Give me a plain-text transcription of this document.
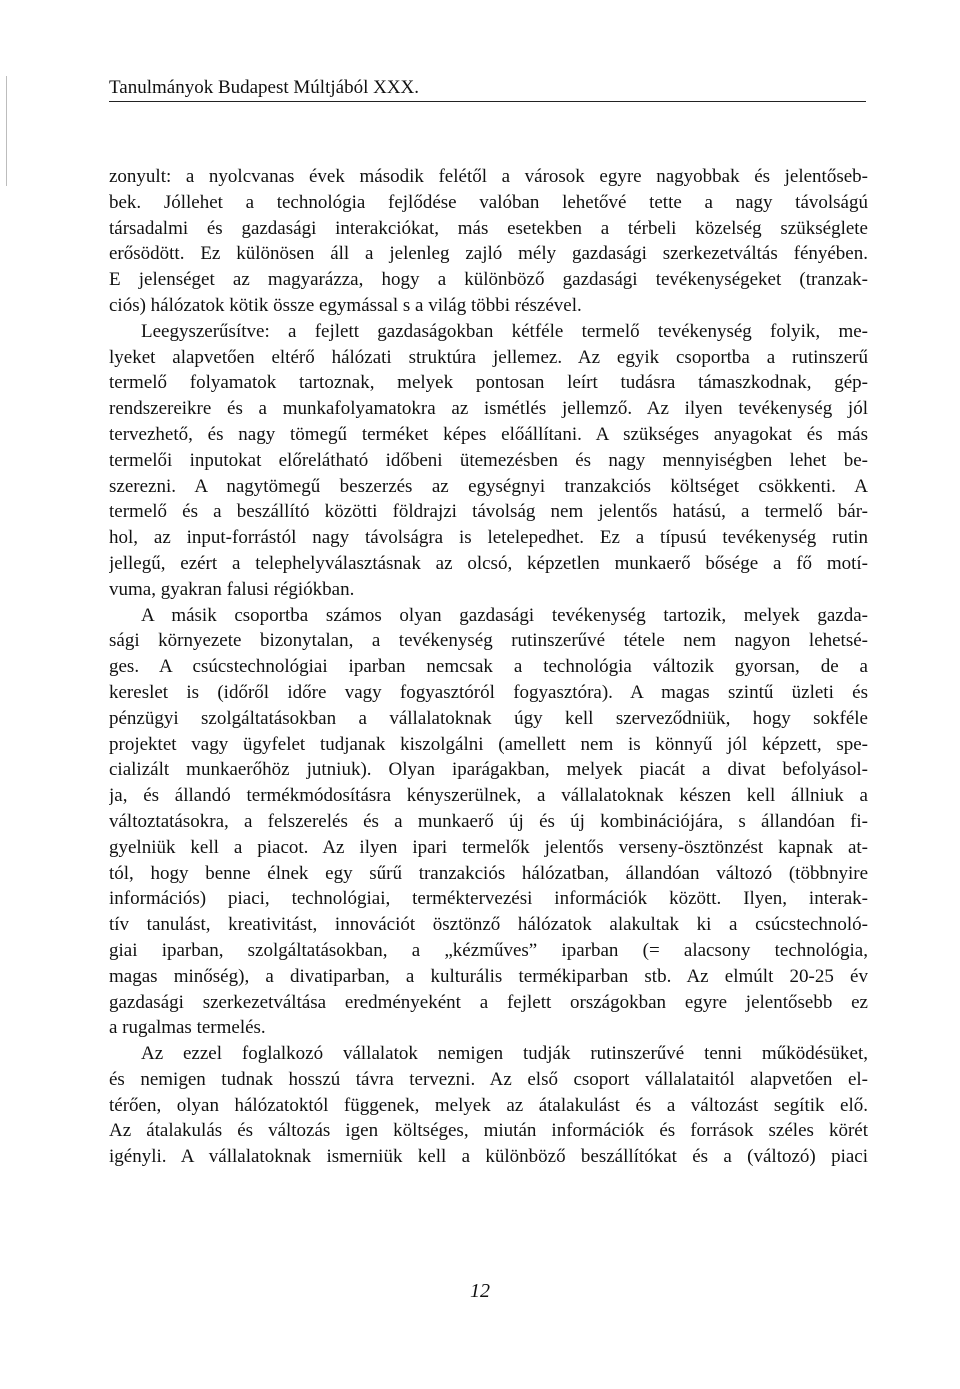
Tanulmányok Budapest Múltjából XXX.
zonyult: a nyolcvanas évek második felétől a városok egyre nagyobbak és jelentőseb-
bek. Jóllehet a technológia fejlődése valóban lehetővé tette a nagy távolságú
társadalmi és gazdasági interakciókat, más esetekben a térbeli közelség szükséglete
erősödött. Ez különösen áll a jelenleg zajló mély gazdasági szerkezetváltás fényében.
E jelenséget az magyarázza, hogy a különböző gazdasági tevékenységeket (tranzak-
ciós) hálózatok kötik össze egymással s a világ többi részével.
Leegyszerűsítve: a fejlett gazdaságokban kétféle termelő tevékenység folyik, me-
lyeket alapvetően eltérő hálózati struktúra jellemez. Az egyik csoportba a rutinszerű
termelő folyamatok tartoznak, melyek pontosan leírt tudásra támaszkodnak, gép-
rendszereikre és a munkafolyamatokra az ismétlés jellemző. Az ilyen tevékenység jól
tervezhető, és nagy tömegű terméket képes előállítani. A szükséges anyagokat és más
termelői inputokat előrelátható időbeni ütemezésben és nagy mennyiségben lehet be-
szerezni. A nagytömegű beszerzés az egységnyi tranzakciós költséget csökkenti. A
termelő és a beszállító közötti földrajzi távolság nem jelentős hatású, a termelő bár-
hol, az input-forrástól nagy távolságra is letelepedhet. Ez a típusú tevékenység rutin
jellegű, ezért a telephelyválasztásnak az olcsó, képzetlen munkaerő bősége a fő motí-
vuma, gyakran falusi régiókban.
A másik csoportba számos olyan gazdasági tevékenység tartozik, melyek gazda-
sági környezete bizonytalan, a tevékenység rutinszerűvé tétele nem nagyon lehetsé-
ges. A csúcstechnológiai iparban nemcsak a technológia változik gyorsan, de a
kereslet is (időről időre vagy fogyasztóról fogyasztóra). A magas szintű üzleti és
pénzügyi szolgáltatásokban a vállalatoknak úgy kell szerveződniük, hogy sokféle
projektet vagy ügyfelet tudjanak kiszolgálni (amellett nem is könnyű jól képzett, spe-
cializált munkaerőhöz jutniuk). Olyan iparágakban, melyek piacát a divat befolyásol-
ja, és állandó termékmódosításra kényszerülnek, a vállalatoknak készen kell állniuk a
változtatásokra, a felszerelés és a munkaerő új és új kombinációjára, s állandóan fi-
gyelniük kell a piacot. Az ilyen ipari termelők jelentős verseny-ösztönzést kapnak at-
tól, hogy benne élnek egy sűrű tranzakciós hálózatban, állandóan változó (többnyire
információs) piaci, technológiai, terméktervezési információk között. Ilyen, interak-
tív tanulást, kreativitást, innovációt ösztönző hálózatok alakultak ki a csúcstechnoló-
giai iparban, szolgáltatásokban, a „kézműves” iparban (= alacsony technológia,
magas minőség), a divatiparban, a kulturális termékiparban stb. Az elmúlt 20-25 év
gazdasági szerkezetváltása eredményeként a fejlett országokban egyre jelentősebb ez
a rugalmas termelés.
Az ezzel foglalkozó vállalatok nemigen tudják rutinszerűvé tenni működésüket,
és nemigen tudnak hosszú távra tervezni. Az első csoport vállalataitól alapvetően el-
térően, olyan hálózatoktól függenek, melyek az átalakulást és a változást segítik elő.
Az átalakulás és változás igen költséges, miután információk és források széles körét
igényli. A vállalatoknak ismerniük kell a különböző beszállítókat és a (változó) piaci
12
